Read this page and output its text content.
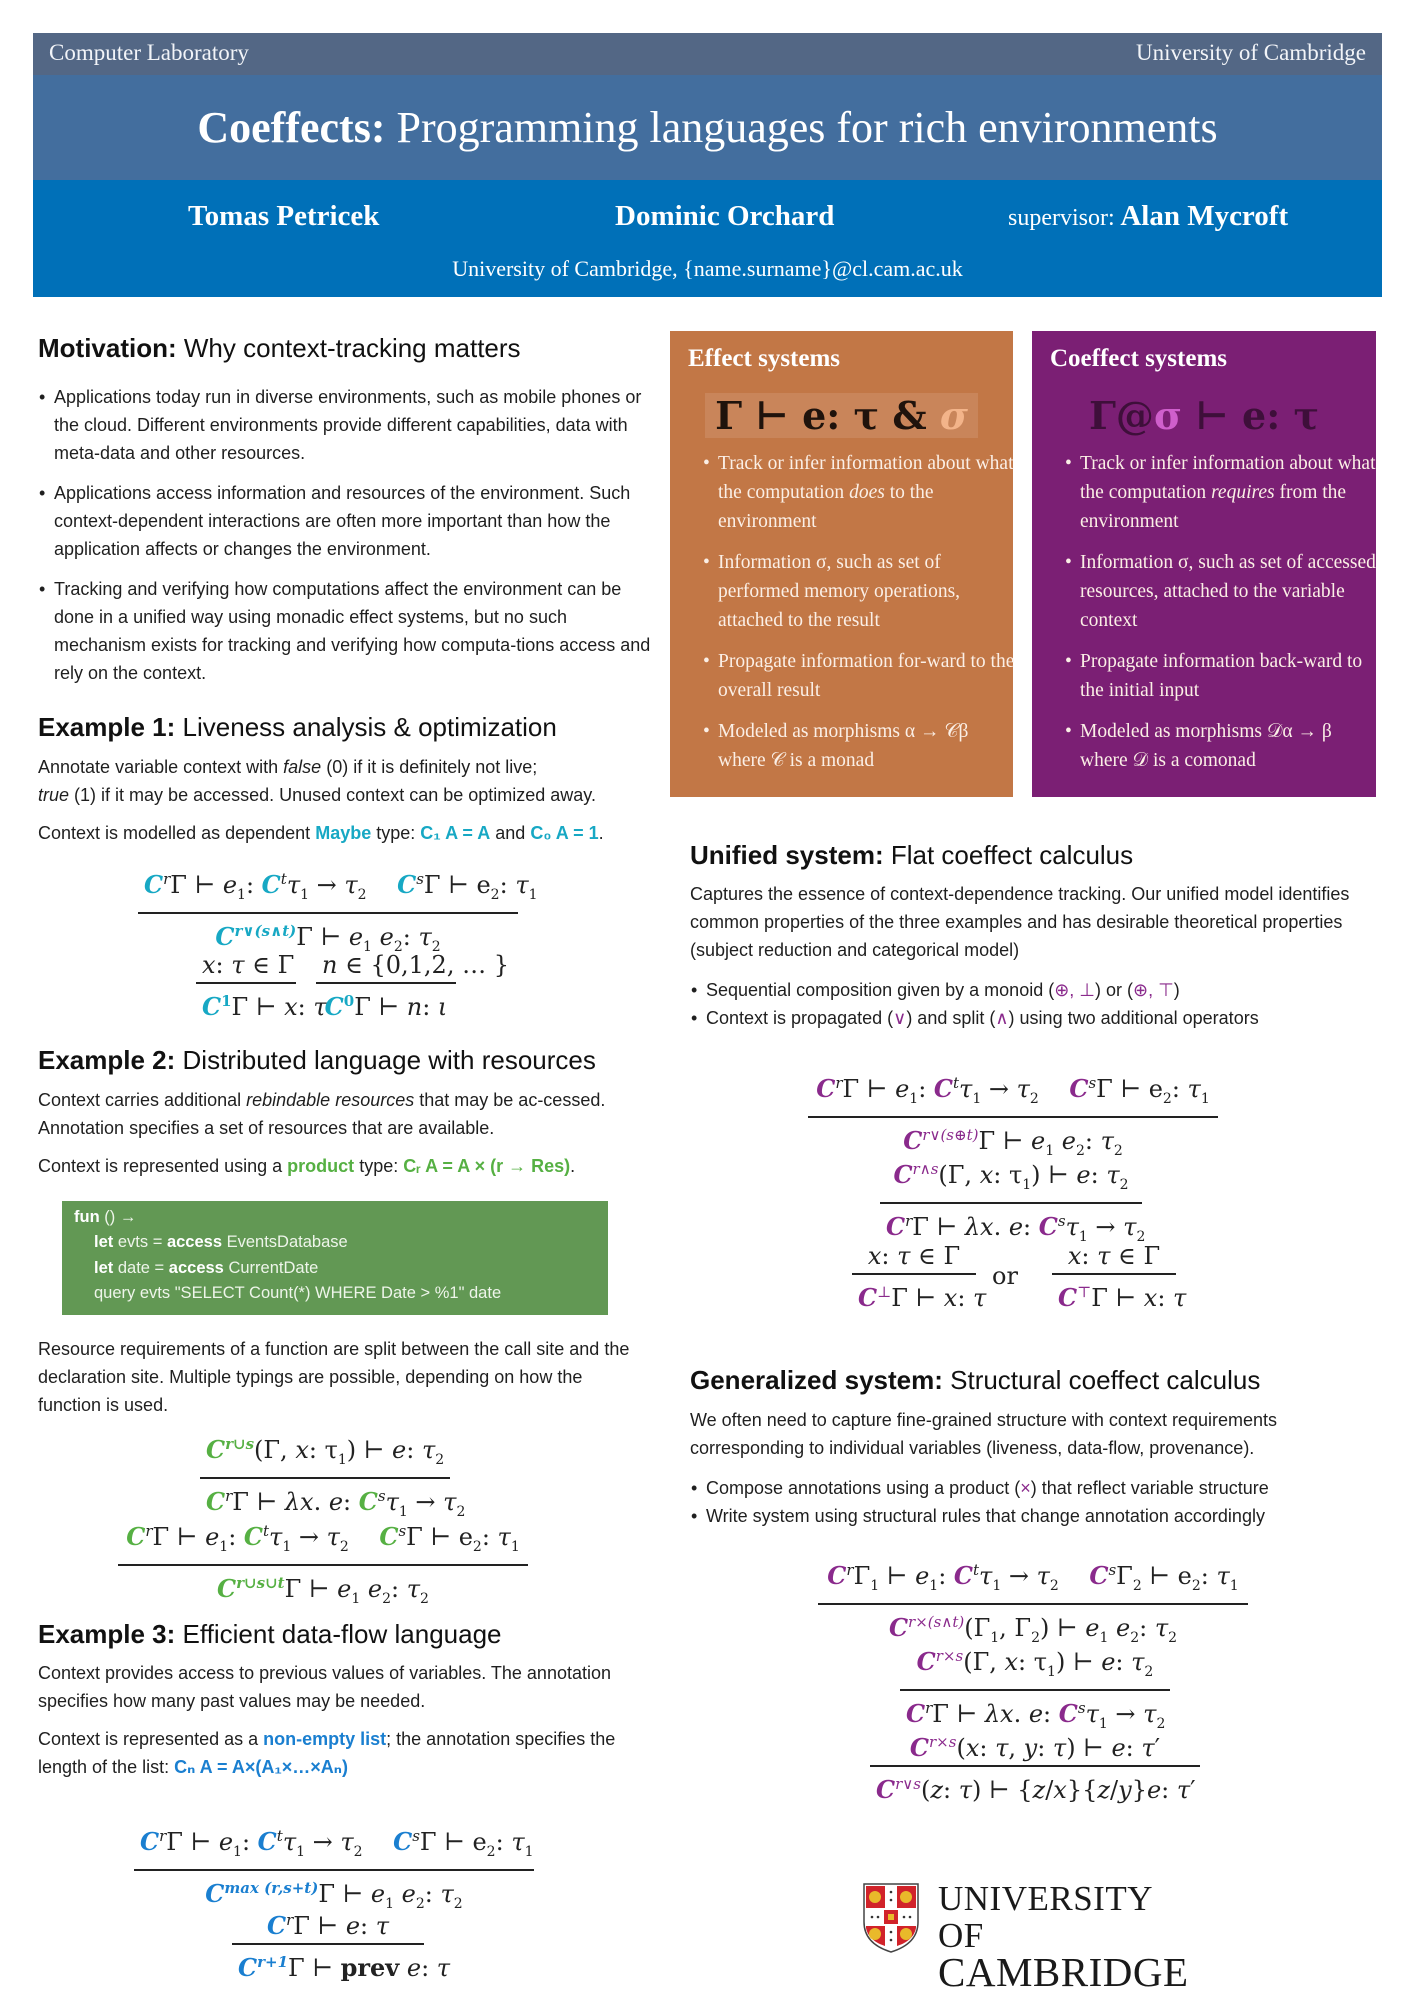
Computer Laboratory	University of Cambridge
Coeffects: Programming languages for rich environments
Tomas Petricek	Dominic Orchard	supervisor: Alan Mycroft
University of Cambridge, {name.surname}@cl.cam.ac.uk
Motivation: Why context-tracking matters
• Applications today run in diverse environments, such as mobile phones or the cloud. Different environments provide different capabilities, data with meta-data and other resources.
• Applications access information and resources of the environment. Such context-dependent interactions are often more important than how the application affects or changes the environment.
• Tracking and verifying how computations affect the environment can be done in a unified way using monadic effect systems, but no such mechanism exists for tracking and verifying how computa-tions access and rely on the context.
Example 1: Liveness analysis & optimization
Annotate variable context with false (0) if it is definitely not live;
true (1) if it may be accessed. Unused context can be optimized away.
Context is modelled as dependent Maybe type: C₁ A = A and C₀ A = 1.
$C^r\Gamma$ ⊢ $e_1$: $C^t\tau_1 \to \tau_2$ $C^s\Gamma$ ⊢ $e_2$: $\tau_1$
$C^{r\vee(s\wedge t)}\Gamma$ ⊢ $e_1$ $e_2$: $\tau_2$
x: τ ∈ Γ
$C^1\Gamma$ ⊢ x: τ
n ∈ {0,1,2, … }
$C^0\Gamma$ ⊢ n: ι
Example 2: Distributed language with resources
Context carries additional rebindable resources that may be ac-cessed. Annotation specifies a set of resources that are available.
Context is represented using a product type: Cᵣ A = A × (r → Res).
fun () →
let evts = access EventsDatabase
let date = access CurrentDate
query evts "SELECT Count(*) WHERE Date > %1" date
Resource requirements of a function are split between the call site and the declaration site. Multiple typings are possible, depending on how the function is used.
$C^{r\cup s}(\Gamma$, x: $\tau_1$) ⊢ e: $\tau_2$
$C^r\Gamma$ ⊢ λx. e: $C^s\tau_1 \to \tau_2$
$C^r\Gamma$ ⊢ $e_1$: $C^t\tau_1 \to \tau_2$ $C^s\Gamma$ ⊢ $e_2$: $\tau_1$
$C^{r\cup s\cup t}\Gamma$ ⊢ $e_1$ $e_2$: $\tau_2$
Example 3: Efficient data-flow language
Context provides access to previous values of variables. The annotation specifies how many past values may be needed.
Context is represented as a non-empty list; the annotation specifies the length of the list: Cₙ A = A×(A₁×…×Aₙ)
$C^r\Gamma$ ⊢ $e_1$: $C^t\tau_1 \to \tau_2$ $C^s\Gamma$ ⊢ $e_2$: $\tau_1$
$C^{max (r,s+t)}\Gamma$ ⊢ $e_1$ $e_2$: $\tau_2$
$C^r\Gamma$ ⊢ e: τ
$C^{r+1}\Gamma$ ⊢ prev e: τ
Effect systems
Γ ⊢ e: τ & σ
• Track or infer information about what the computation does to the environment
• Information σ, such as set of performed memory operations, attached to the result
• Propagate information for-ward to the overall result
• Modeled as morphisms α → 𝒞β where 𝒞 is a monad
Coeffect systems
Γ@σ ⊢ e: τ
• Track or infer information about what the computation requires from the environment
• Information σ, such as set of accessed resources, attached to the variable context
• Propagate information back-ward to the initial input
• Modeled as morphisms 𝒟α → β where 𝒟 is a comonad
Unified system: Flat coeffect calculus
Captures the essence of context-dependence tracking. Our unified model identifies common properties of the three examples and has desirable theoretical properties (subject reduction and categorical model)
• Sequential composition given by a monoid (⊕, ⊥) or (⊕, ⊤)
• Context is propagated (∨) and split (∧) using two additional operators
$C^r\Gamma$ ⊢ $e_1$: $C^t\tau_1 \to \tau_2$ $C^s\Gamma$ ⊢ $e_2$: $\tau_1$
$C^{r\vee(s\oplus t)}\Gamma$ ⊢ $e_1$ $e_2$: $\tau_2$
$C^{r\wedge s}(\Gamma$, x: $\tau_1$) ⊢ e: $\tau_2$
$C^r\Gamma$ ⊢ λx. e: $C^s\tau_1 \to \tau_2$
x: τ ∈ Γ
C⊥Γ ⊢ x: τ
or
x: τ ∈ Γ
C⊤Γ ⊢ x: τ
Generalized system: Structural coeffect calculus
We often need to capture fine-grained structure with context requirements corresponding to individual variables (liveness, data-flow, provenance).
• Compose annotations using a product (×) that reflect variable structure
• Write system using structural rules that change annotation accordingly
$C^r\Gamma_1$ ⊢ $e_1$: $C^t\tau_1 \to \tau_2$ $C^s\Gamma_2$ ⊢ $e_2$: $\tau_1$
$C^{r\times(s\wedge t)}(\Gamma_1$, $\Gamma_2$) ⊢ $e_1$ $e_2$: $\tau_2$
$C^{r\times s}(\Gamma$, x: $\tau_1$) ⊢ e: $\tau_2$
$C^r\Gamma$ ⊢ λx. e: $C^s\tau_1 \to \tau_2$
$C^{r\times s}(x$: τ, y: τ) ⊢ e: τ′
$C^{r\vee s}(z$: τ) ⊢ {z/x}{z/y}e: τ′
UNIVERSITY OF
CAMBRIDGE
